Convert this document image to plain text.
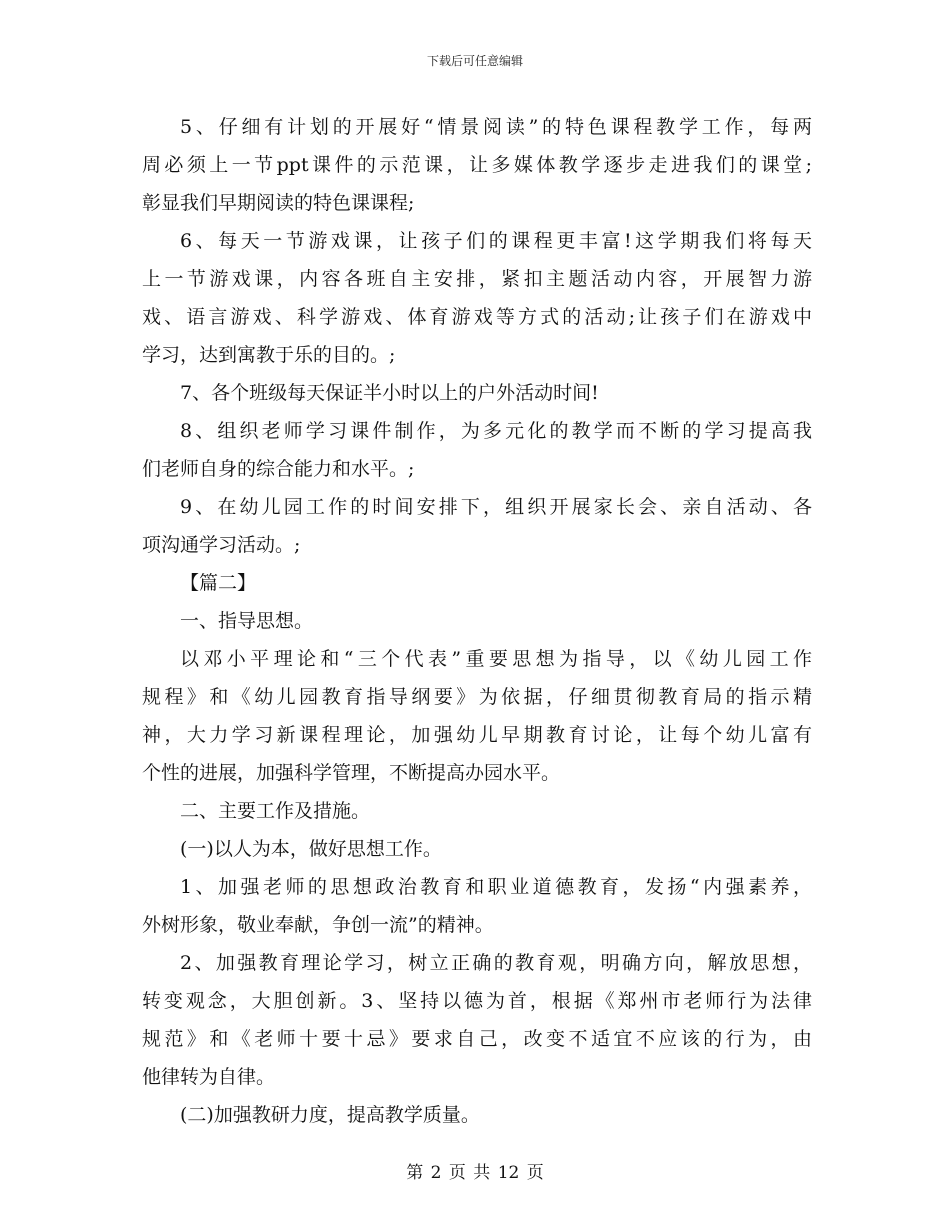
下载后可任意编辑
5、仔细有计划的开展好“情景阅读”的特色课程教学工作，每两
周必须上一节ppt课件的示范课，让多媒体教学逐步走进我们的课堂;
彰显我们早期阅读的特色课课程;
6、每天一节游戏课，让孩子们的课程更丰富!这学期我们将每天
上一节游戏课，内容各班自主安排，紧扣主题活动内容，开展智力游
戏、语言游戏、科学游戏、体育游戏等方式的活动;让孩子们在游戏中
学习，达到寓教于乐的目的。;
7、各个班级每天保证半小时以上的户外活动时间!
8、组织老师学习课件制作，为多元化的教学而不断的学习提高我
们老师自身的综合能力和水平。;
9、在幼儿园工作的时间安排下，组织开展家长会、亲自活动、各
项沟通学习活动。;
【篇二】
一、指导思想。
以邓小平理论和“三个代表”重要思想为指导，以《幼儿园工作
规程》和《幼儿园教育指导纲要》为依据，仔细贯彻教育局的指示精
神，大力学习新课程理论，加强幼儿早期教育讨论，让每个幼儿富有
个性的进展，加强科学管理，不断提高办园水平。
二、主要工作及措施。
(一)以人为本，做好思想工作。
1、加强老师的思想政治教育和职业道德教育，发扬“内强素养，
外树形象，敬业奉献，争创一流”的精神。
2、加强教育理论学习，树立正确的教育观，明确方向，解放思想，
转变观念，大胆创新。3、坚持以德为首，根据《郑州市老师行为法律
规范》和《老师十要十忌》要求自己，改变不适宜不应该的行为，由
他律转为自律。
(二)加强教研力度，提高教学质量。
第 2 页 共 12 页
